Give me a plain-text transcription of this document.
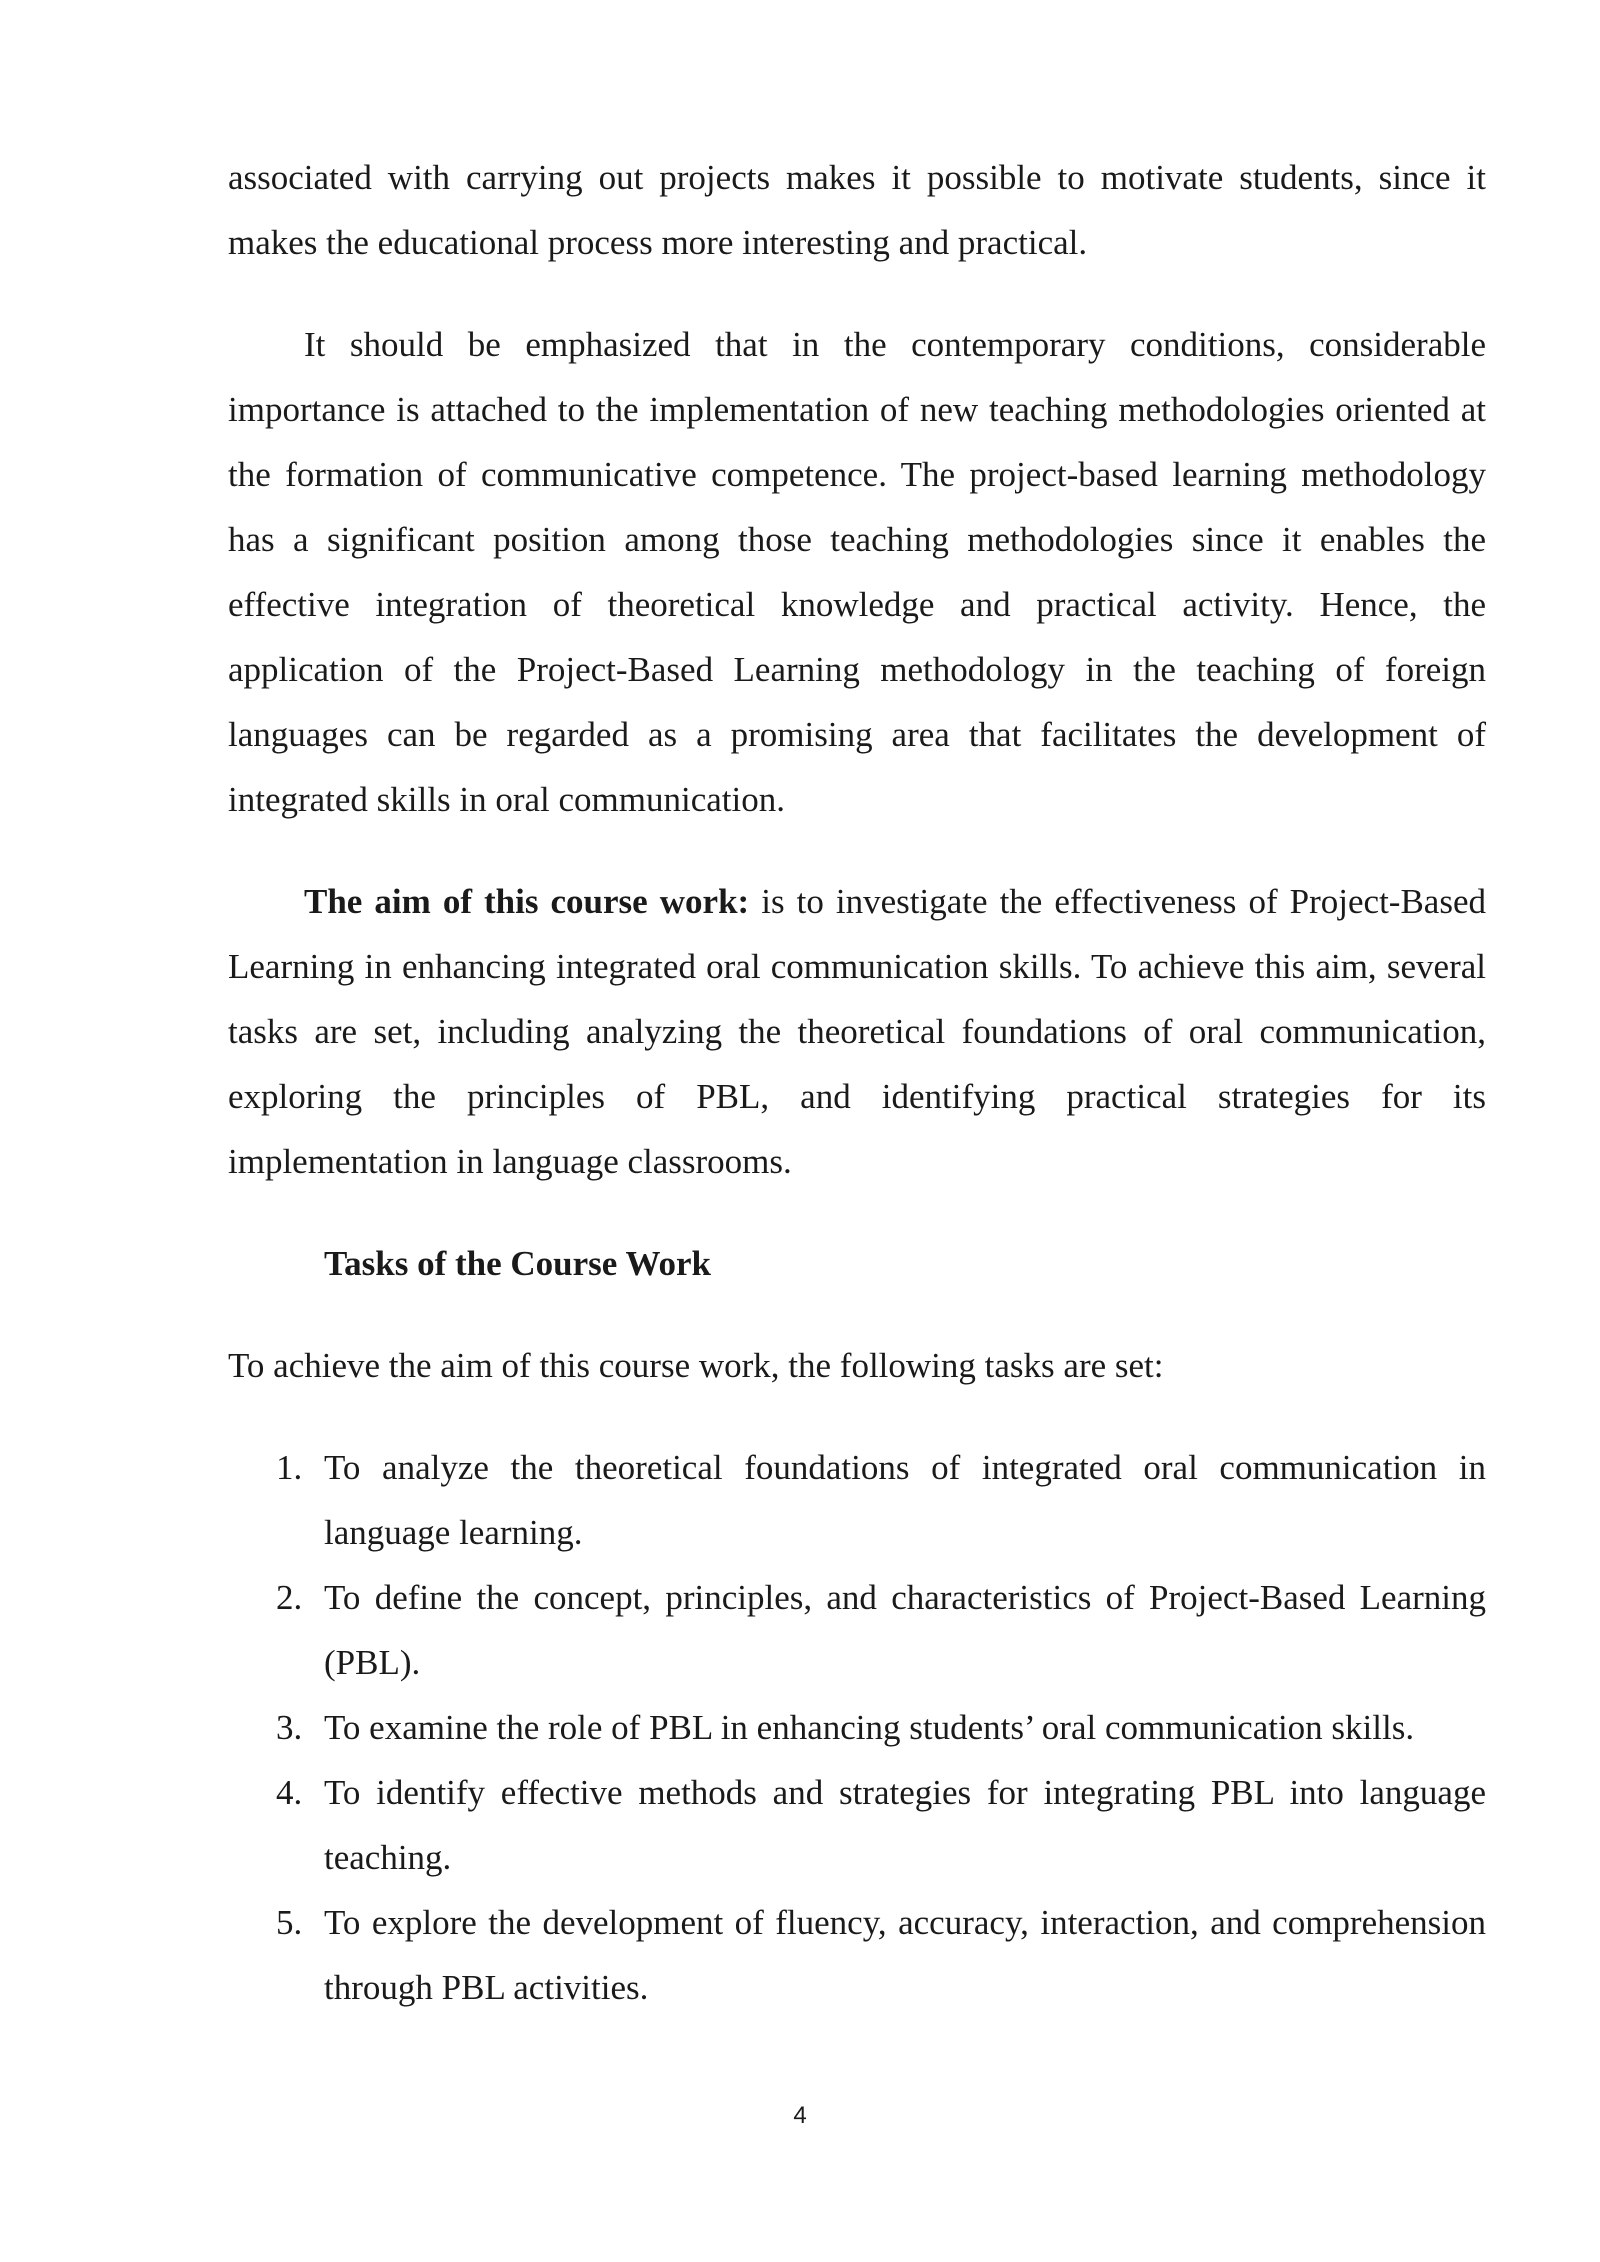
associated with carrying out projects makes it possible to motivate students, since it makes the educational process more interesting and practical.

It should be emphasized that in the contemporary conditions, considerable importance is attached to the implementation of new teaching methodologies oriented at the formation of communicative competence. The project-based learning methodology has a significant position among those teaching methodologies since it enables the effective integration of theoretical knowledge and practical activity. Hence, the application of the Project-Based Learning methodology in the teaching of foreign languages can be regarded as a promising area that facilitates the development of integrated skills in oral communication.

The aim of this course work: is to investigate the effectiveness of Project-Based Learning in enhancing integrated oral communication skills. To achieve this aim, several tasks are set, including analyzing the theoretical foundations of oral communication, exploring the principles of PBL, and identifying practical strategies for its implementation in language classrooms.

Tasks of the Course Work

To achieve the aim of this course work, the following tasks are set:

1. To analyze the theoretical foundations of integrated oral communication in language learning.
2. To define the concept, principles, and characteristics of Project-Based Learning (PBL).
3. To examine the role of PBL in enhancing students’ oral communication skills.
4. To identify effective methods and strategies for integrating PBL into language teaching.
5. To explore the development of fluency, accuracy, interaction, and comprehension through PBL activities.
4
